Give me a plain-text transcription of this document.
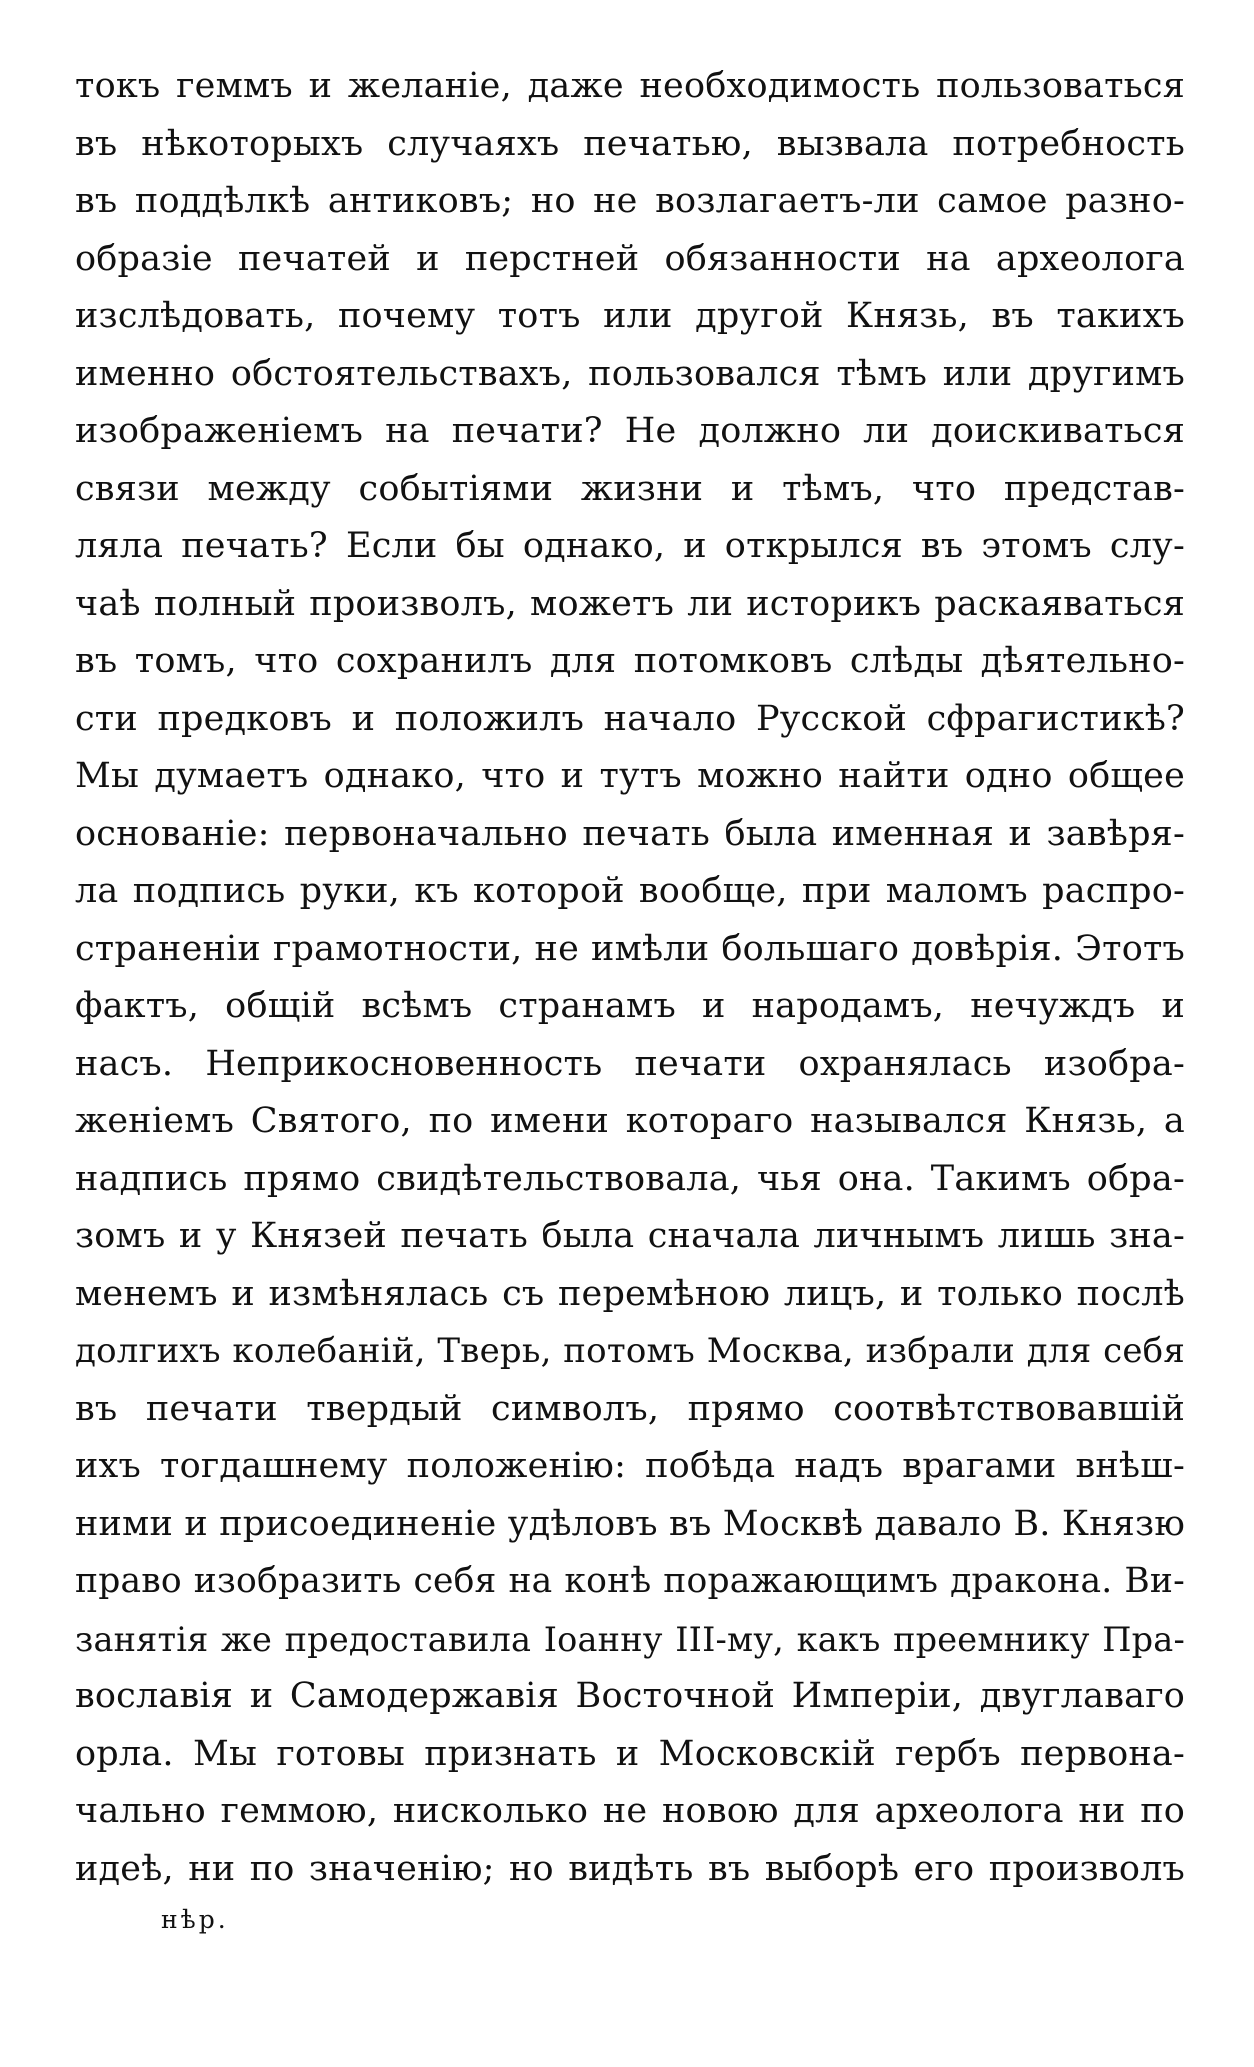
токъ геммъ и желаніе, даже необходимость пользоваться
въ нѣкоторыхъ случаяхъ печатью, вызвала потребность
въ поддѣлкѣ антиковъ; но не возлагаетъ-ли самое разно-
образіе печатей и перстней обязанности на археолога
изслѣдовать, почему тотъ или другой Князь, въ такихъ
именно обстоятельствахъ, пользовался тѣмъ или другимъ
изображеніемъ на печати? Не должно ли доискиваться
связи между событіями жизни и тѣмъ, что представ-
ляла печать? Если бы однако, и открылся въ этомъ слу-
чаѣ полный произволъ, можетъ ли историкъ раскаяваться
въ томъ, что сохранилъ для потомковъ слѣды дѣятельно-
сти предковъ и положилъ начало Русской сфрагистикѣ?
Мы думаетъ однако, что и тутъ можно найти одно общее
основаніе: первоначально печать была именная и завѣря-
ла подпись руки, къ которой вообще, при маломъ распро-
страненіи грамотности, не имѣли большаго довѣрія. Этотъ
фактъ, общій всѣмъ странамъ и народамъ, нечуждъ и
насъ. Неприкосновенность печати охранялась изобра-
женіемъ Святого, по имени котораго назывался Князь, а
надпись прямо свидѣтельствовала, чья она. Такимъ обра-
зомъ и у Князей печать была сначала личнымъ лишь зна-
менемъ и измѣнялась съ перемѣною лицъ, и только послѣ
долгихъ колебаній, Тверь, потомъ Москва, избрали для себя
въ печати твердый символъ, прямо соотвѣтствовавшій
ихъ тогдашнему положенію: побѣда надъ врагами внѣш-
ними и присоединеніе удѣловъ въ Москвѣ давало В. Князю
право изобразить себя на конѣ поражающимъ дракона. Ви-
занятія же предоставила Іоанну III-му, какъ преемнику Пра-
вославія и Самодержавія Восточной Имперіи, двуглаваго
орла. Мы готовы признать и Московскій гербъ первона-
чально геммою, нисколько не новою для археолога ни по
идеѣ, ни по значенію; но видѣть въ выборѣ его произволъ
нѣр.
